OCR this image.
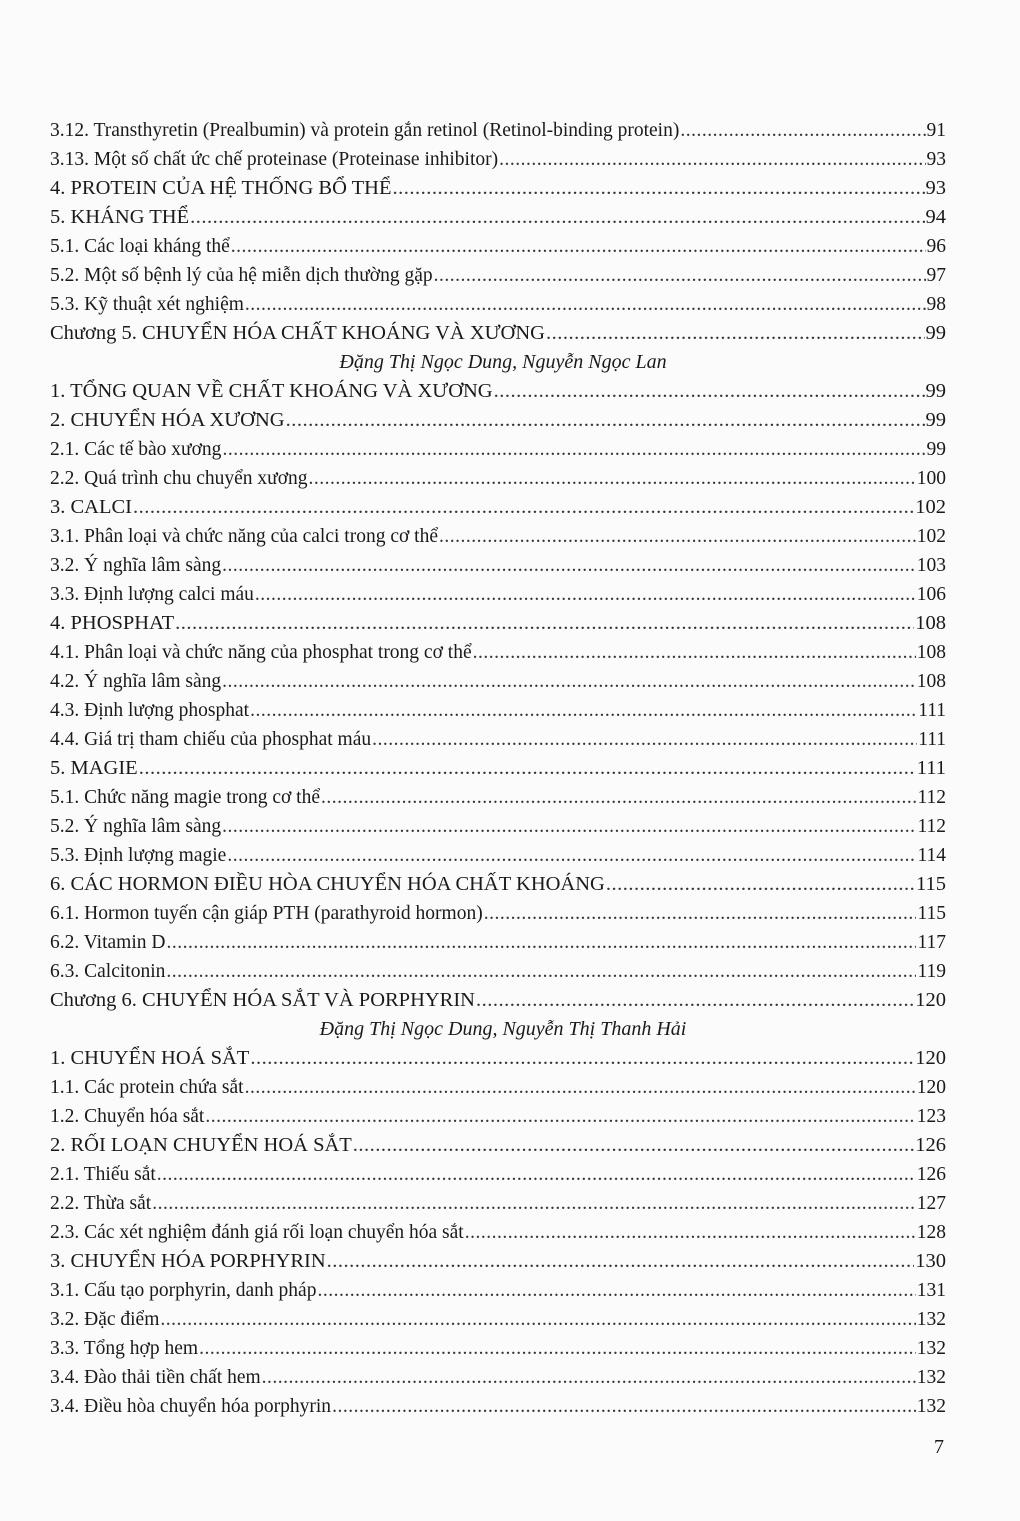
3.12. Transthyretin (Prealbumin) và protein gắn retinol (Retinol-binding protein) .....	91
3.13. Một số chất ức chế proteinase (Proteinase inhibitor) .....	93
4. PROTEIN CỦA HỆ THỐNG BỔ THỂ .....	93
5. KHÁNG THỂ .....	94
5.1. Các loại kháng thể .....	96
5.2. Một số bệnh lý của hệ miễn dịch thường gặp .....	97
5.3. Kỹ thuật xét nghiệm .....	98
Chương 5. CHUYỂN HÓA CHẤT KHOÁNG VÀ XƯƠNG .....	99
Đặng Thị Ngọc Dung, Nguyễn Ngọc Lan
1. TỔNG QUAN VỀ CHẤT KHOÁNG VÀ XƯƠNG .....	99
2. CHUYỂN HÓA XƯƠNG .....	99
2.1. Các tế bào xương .....	99
2.2. Quá trình chu chuyển xương .....	100
3. CALCI .....	102
3.1. Phân loại và chức năng của calci trong cơ thể .....	102
3.2. Ý nghĩa lâm sàng .....	103
3.3. Định lượng calci máu .....	106
4. PHOSPHAT .....	108
4.1. Phân loại và chức năng của phosphat trong cơ thể .....	108
4.2. Ý nghĩa lâm sàng .....	108
4.3. Định lượng phosphat .....	111
4.4. Giá trị tham chiếu của phosphat máu .....	111
5. MAGIE .....	111
5.1. Chức năng magie trong cơ thể .....	112
5.2. Ý nghĩa lâm sàng .....	112
5.3. Định lượng magie .....	114
6. CÁC HORMON ĐIỀU HÒA CHUYỂN HÓA CHẤT KHOÁNG .....	115
6.1. Hormon tuyến cận giáp PTH (parathyroid hormon) .....	115
6.2. Vitamin D .....	117
6.3. Calcitonin .....	119
Chương 6. CHUYỂN HÓA SẮT VÀ PORPHYRIN .....	120
Đặng Thị Ngọc Dung, Nguyễn Thị Thanh Hải
1. CHUYỂN HOÁ SẮT .....	120
1.1. Các protein chứa sắt .....	120
1.2. Chuyển hóa sắt .....	123
2. RỐI LOẠN CHUYỂN HOÁ SẮT .....	126
2.1. Thiếu sắt .....	126
2.2. Thừa sắt .....	127
2.3. Các xét nghiệm đánh giá rối loạn chuyển hóa sắt .....	128
3. CHUYỂN HÓA PORPHYRIN .....	130
3.1. Cấu tạo porphyrin, danh pháp .....	131
3.2. Đặc điểm .....	132
3.3. Tổng hợp hem .....	132
3.4. Đào thải tiền chất hem .....	132
3.4. Điều hòa chuyển hóa porphyrin .....	132
7
